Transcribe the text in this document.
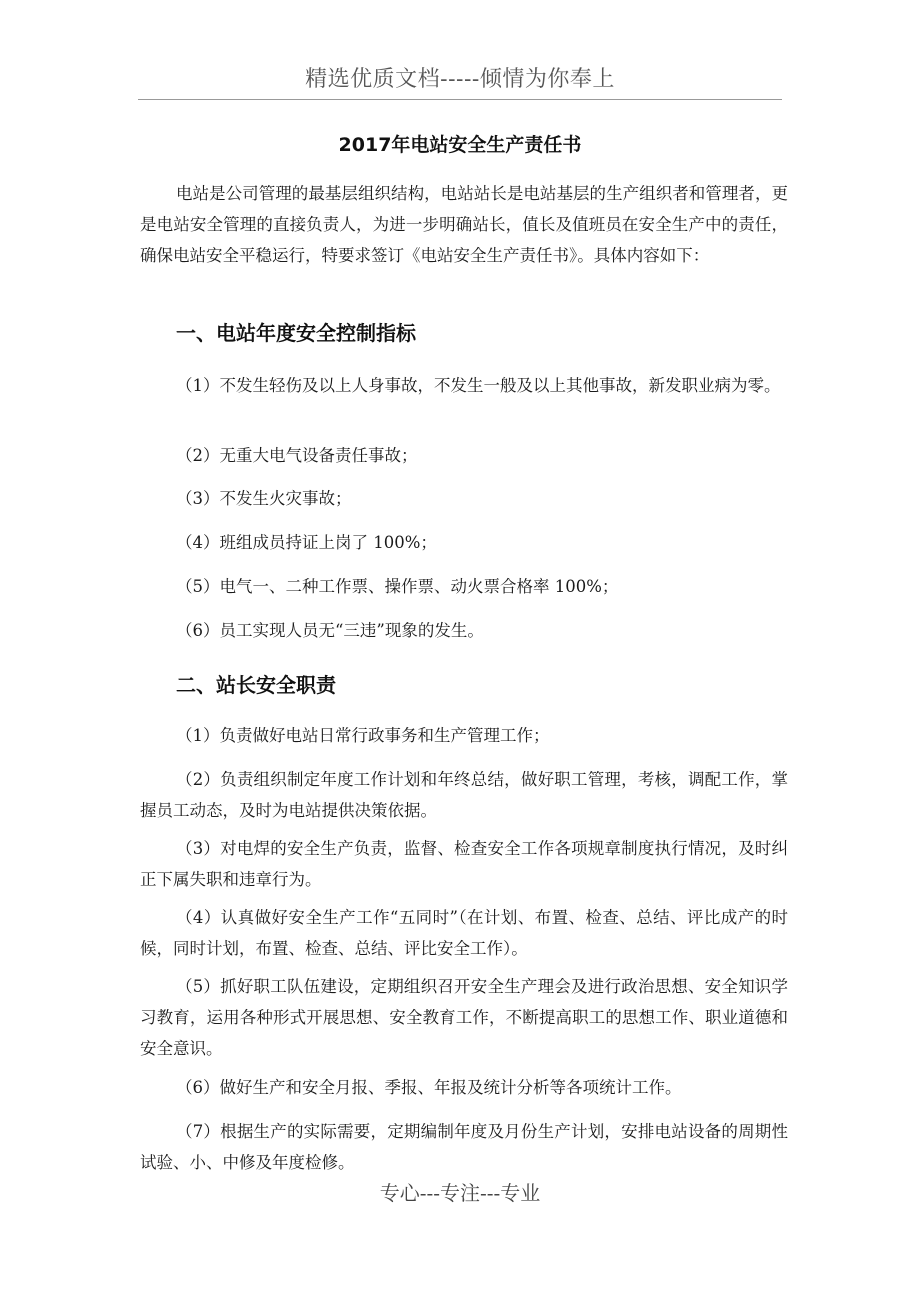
精选优质文档-----倾情为你奉上
2017年电站安全生产责任书

电站是公司管理的最基层组织结构，电站站长是电站基层的生产组织者和管理者，更是电站安全管理的直接负责人，为进一步明确站长，值长及值班员在安全生产中的责任，确保电站安全平稳运行，特要求签订《电站安全生产责任书》。具体内容如下：

一、电站年度安全控制指标

（1）不发生轻伤及以上人身事故，不发生一般及以上其他事故，新发职业病为零。

（2）无重大电气设备责任事故；

（3）不发生火灾事故；

（4）班组成员持证上岗了 100%；

（5）电气一、二种工作票、操作票、动火票合格率 100%；

（6）员工实现人员无“三违”现象的发生。

二、站长安全职责

（1）负责做好电站日常行政事务和生产管理工作；

（2）负责组织制定年度工作计划和年终总结，做好职工管理，考核，调配工作，掌握员工动态，及时为电站提供决策依据。

（3）对电焊的安全生产负责，监督、检查安全工作各项规章制度执行情况，及时纠正下属失职和违章行为。

（4）认真做好安全生产工作“五同时”（在计划、布置、检查、总结、评比成产的时候，同时计划，布置、检查、总结、评比安全工作）。

（5）抓好职工队伍建设，定期组织召开安全生产理会及进行政治思想、安全知识学习教育，运用各种形式开展思想、安全教育工作，不断提高职工的思想工作、职业道德和安全意识。

（6）做好生产和安全月报、季报、年报及统计分析等各项统计工作。

（7）根据生产的实际需要，定期编制年度及月份生产计划，安排电站设备的周期性试验、小、中修及年度检修。

专心---专注---专业
